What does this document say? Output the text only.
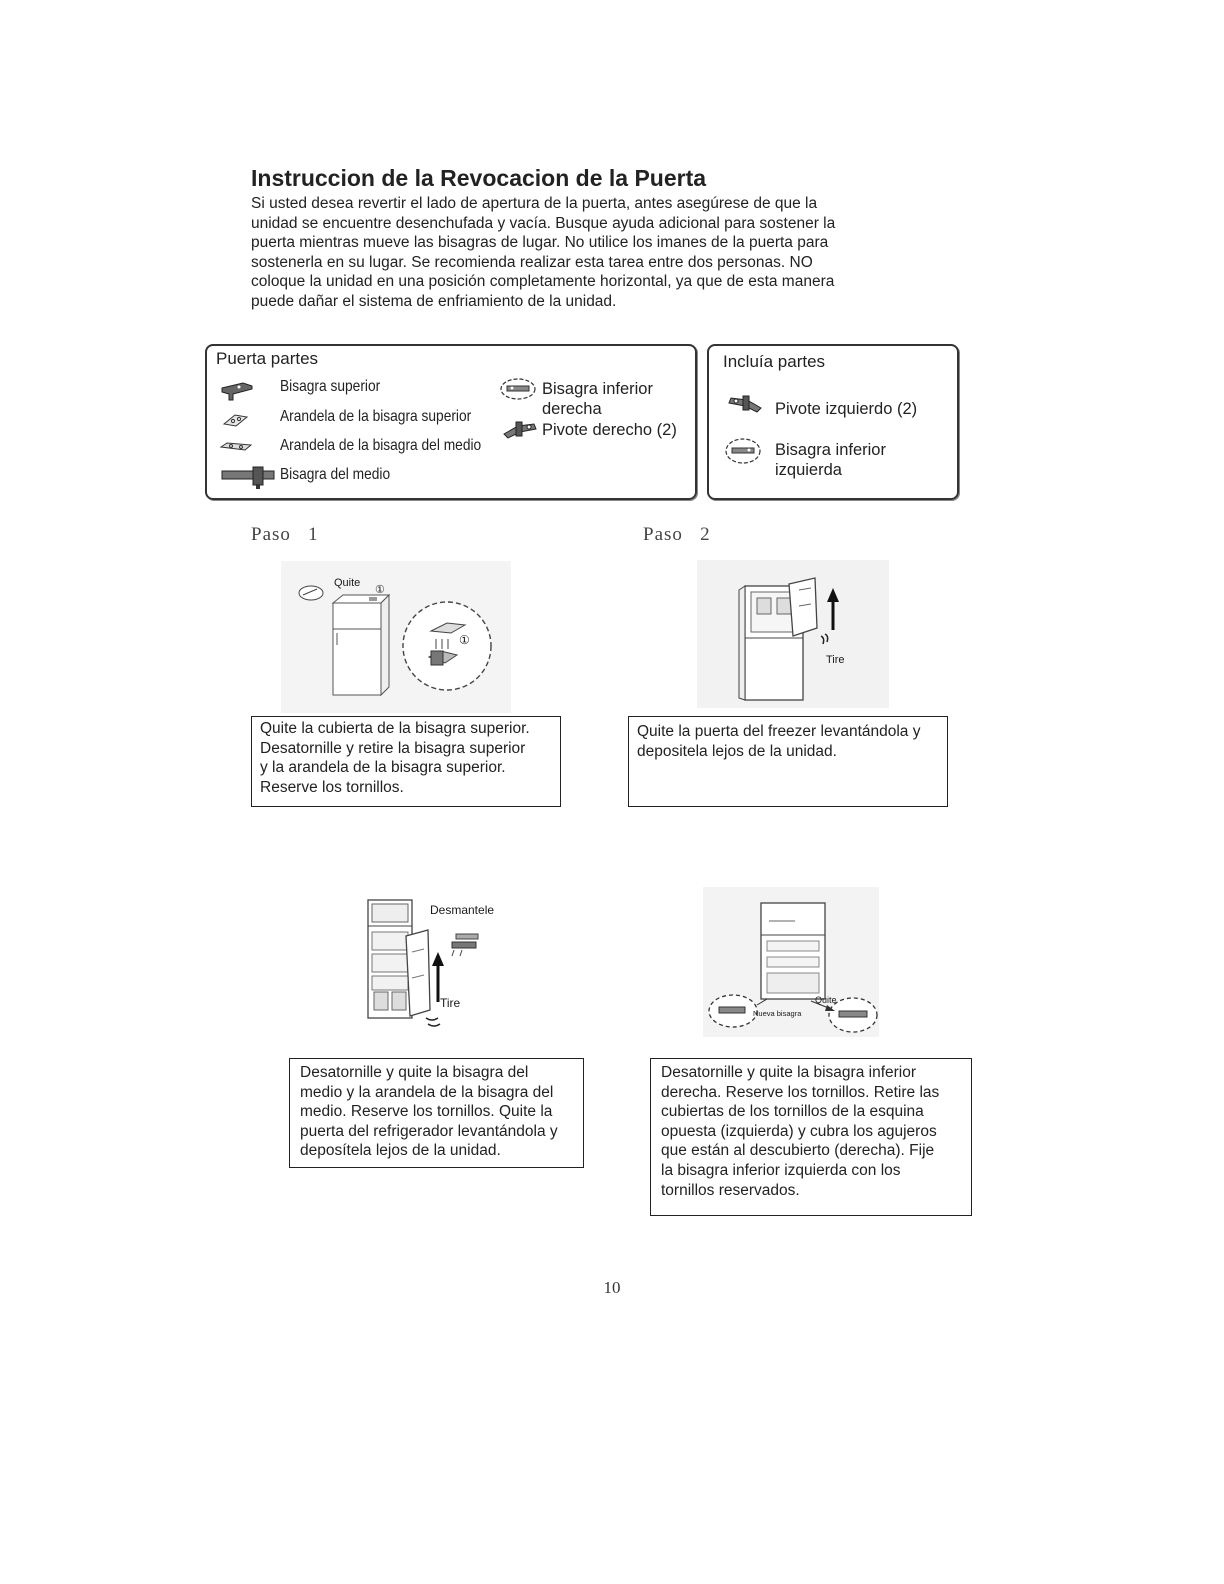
Instruccion de la Revocacion de la Puerta
Si usted desea revertir el lado de apertura de la puerta, antes asegúrese de que la
unidad se encuentre desenchufada y vacía. Busque ayuda adicional para sostener la
puerta mientras mueve las bisagras de lugar. No utilice los imanes de la puerta para
sostenerla en su lugar. Se recomienda realizar esta tarea entre dos personas. NO
coloque la unidad en una posición completamente horizontal, ya que de esta manera
puede dañar el sistema de enfriamiento de la unidad.
Puerta partes
Bisagra superior
Arandela de la bisagra superior
Arandela de la bisagra del medio
Bisagra del medio
Bisagra inferior
derecha
Pivote derecho (2)
Incluía partes
Pivote izquierdo (2)
Bisagra inferior
izquierda
Paso   1	Paso   2
Quite
①
①
Tire
Quite la cubierta de la bisagra superior.
Desatornille y retire la bisagra superior
y la arandela de la bisagra superior.
Reserve los tornillos.
Quite la puerta del freezer levantándola y
depositela lejos de la unidad.
Desmantele
Tire	Quite
Nueva bisagra
Desatornille y quite la bisagra del
medio y la arandela de la bisagra del
medio. Reserve los tornillos. Quite la
puerta del refrigerador levantándola y
deposítela lejos de la unidad.
Desatornille y quite la bisagra inferior
derecha. Reserve los tornillos. Retire las
cubiertas de los tornillos de la esquina
opuesta (izquierda) y cubra los agujeros
que están al descubierto (derecha). Fije
la bisagra inferior izquierda con los
tornillos reservados.
10
